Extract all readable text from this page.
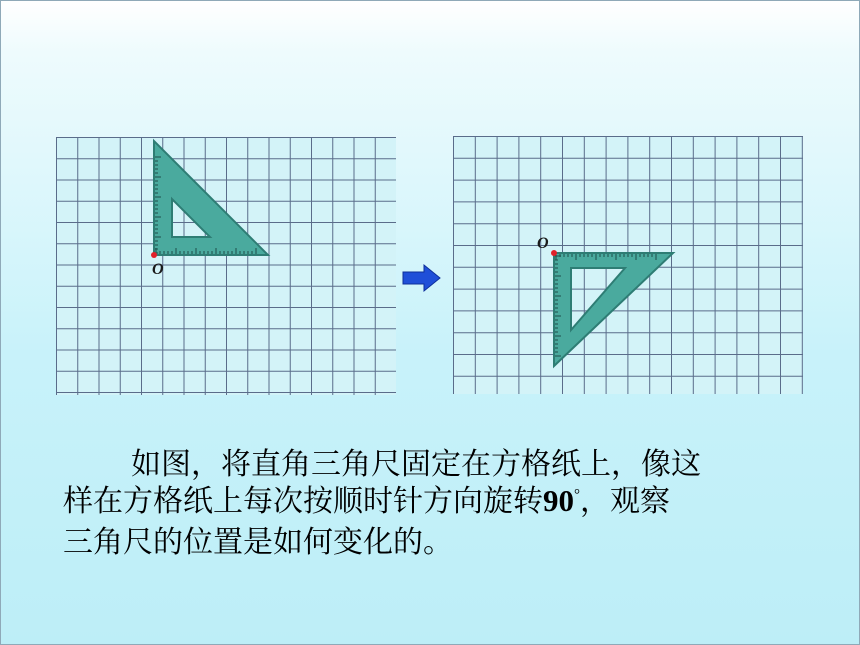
O
O
如图，将直角三角尺固定在方格纸上，像这
样在方格纸上每次按顺时针方向旋转90°，观察
三角尺的位置是如何变化的。
